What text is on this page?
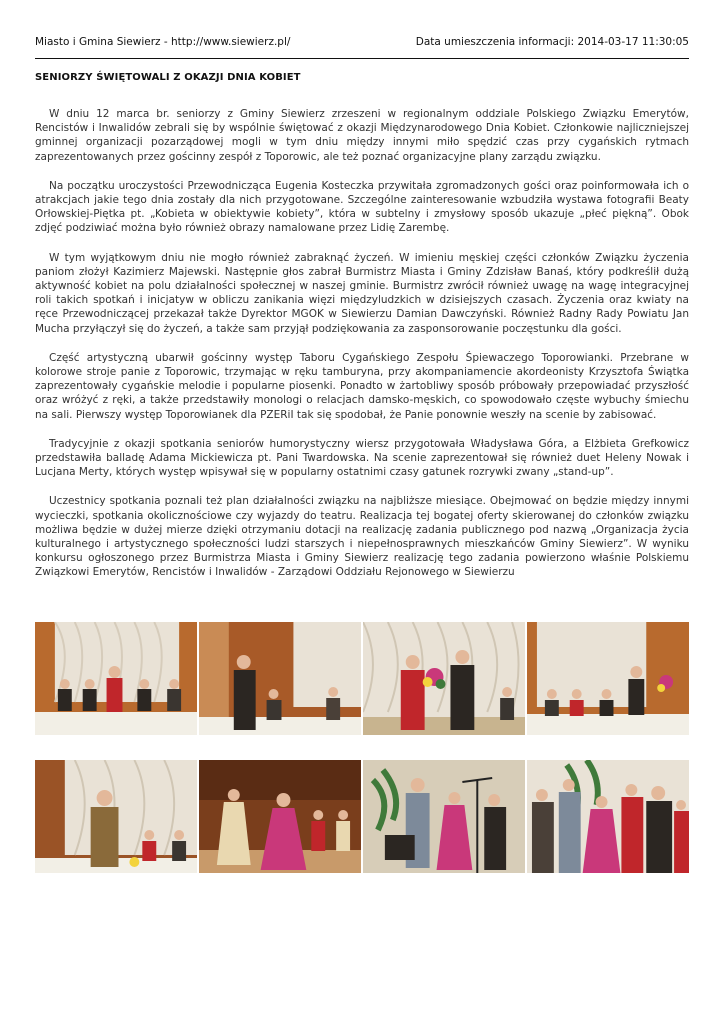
Miasto i Gmina Siewierz - http://www.siewierz.pl/	Data umieszczenia informacji: 2014-03-17 11:30:05
SENIORZY ŚWIĘTOWALI Z OKAZJI DNIA KOBIET

W dniu 12 marca br. seniorzy z Gminy Siewierz zrzeszeni w regionalnym oddziale Polskiego Związku Emerytów, Rencistów i Inwalidów zebrali się by wspólnie świętować z okazji Międzynarodowego Dnia Kobiet. Członkowie najliczniejszej gminnej organizacji pozarządowej mogli w tym dniu między innymi miło spędzić czas przy cygańskich rytmach zaprezentowanych przez gościnny zespół z Toporowic, ale też poznać organizacyjne plany zarządu związku.

Na początku uroczystości Przewodnicząca Eugenia Kosteczka przywitała zgromadzonych gości oraz poinformowała ich o atrakcjach jakie tego dnia zostały dla nich przygotowane. Szczególne zainteresowanie wzbudziła wystawa fotografii Beaty Orłowskiej-Piętka pt. „Kobieta w obiektywie kobiety”, która w subtelny i zmysłowy sposób ukazuje „płeć piękną”. Obok zdjęć podziwiać można było również obrazy namalowane przez Lidię Zarembę.

W tym wyjątkowym dniu nie mogło również zabraknąć życzeń. W imieniu męskiej części członków Związku życzenia paniom złożył Kazimierz Majewski. Następnie głos zabrał Burmistrz Miasta i Gminy Zdzisław Banaś, który podkreślił dużą aktywność kobiet na polu działalności społecznej w naszej gminie. Burmistrz zwrócił również uwagę na wagę integracyjnej roli takich spotkań i inicjatyw w obliczu zanikania więzi międzyludzkich w dzisiejszych czasach. Życzenia oraz kwiaty na ręce Przewodniczącej przekazał także Dyrektor MGOK w Siewierzu Damian Dawczyński. Również Radny Rady Powiatu Jan Mucha przyłączył się do życzeń, a także sam przyjął podziękowania za zasponsorowanie poczęstunku dla gości.

Część artystyczną ubarwił gościnny występ Taboru Cygańskiego Zespołu Śpiewaczego Toporowianki. Przebrane w kolorowe stroje panie z Toporowic, trzymając w ręku tamburyna, przy akompaniamencie akordeonisty Krzysztofa Świątka zaprezentowały cygańskie melodie i popularne piosenki. Ponadto w żartobliwy sposób próbowały przepowiadać przyszłość oraz wróżyć z ręki, a także przedstawiły monologi o relacjach damsko-męskich, co spowodowało częste wybuchy śmiechu na sali. Pierwszy występ Toporowianek dla PZERiI tak się spodobał, że Panie ponownie weszły na scenie by zabisować.

Tradycyjnie z okazji spotkania seniorów humorystyczny wiersz przygotowała Władysława Góra, a Elżbieta Grefkowicz przedstawiła balladę Adama Mickiewicza pt. Pani Twardowska. Na scenie zaprezentował się również duet Heleny Nowak i Lucjana Merty, których występ wpisywał się w popularny ostatnimi czasy gatunek rozrywki zwany „stand-up”.

Uczestnicy spotkania poznali też plan działalności związku na najbliższe miesiące. Obejmować on będzie między innymi wycieczki, spotkania okolicznościowe czy wyjazdy do teatru. Realizacja tej bogatej oferty skierowanej do członków związku możliwa będzie w dużej mierze dzięki otrzymaniu dotacji na realizację zadania publicznego pod nazwą „Organizacja życia kulturalnego i artystycznego społeczności ludzi starszych i niepełnosprawnych mieszkańców Gminy Siewierz”. W wyniku konkursu ogłoszonego przez Burmistrza Miasta i Gminy Siewierz realizację tego zadania powierzono właśnie Polskiemu Związkowi Emerytów, Rencistów i Inwalidów - Zarządowi Oddziału Rejonowego w Siewierzu
